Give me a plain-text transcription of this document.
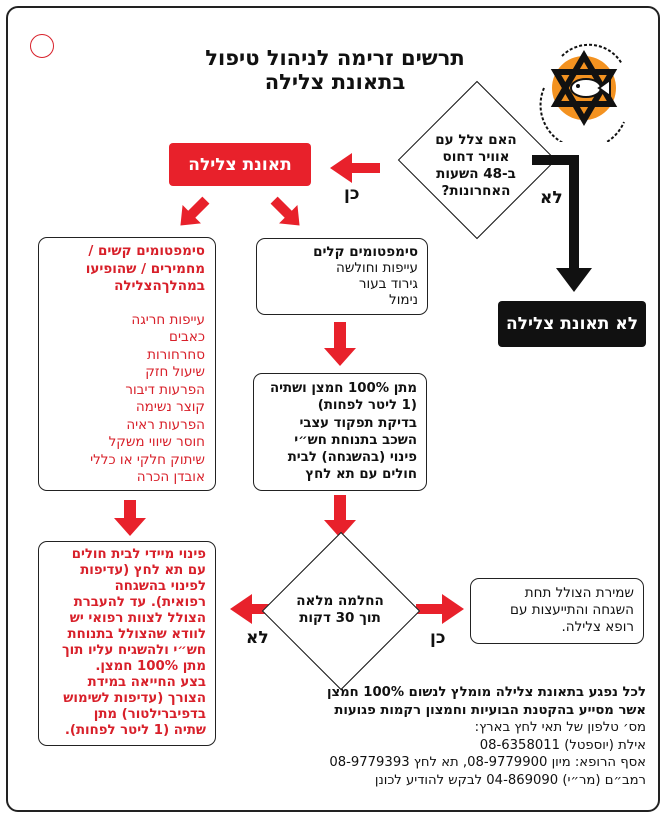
תרשים זרימה לניהול טיפול
בתאונת צלילה
האם צלל עם
אוויר דחוס
ב-48 השעות
האחרונות?
כן	לא
לא	כן
תאונת צלילה
לא תאונת צלילה
סימפטומים קלים
עייפות וחולשה
גירוד בעור
נימול
סימפטומים קשים /
מחמירים / שהופיעו
במהלךהצלילה
עייפות חריגה
כאבים
סחרחורות
שיעול חזק
הפרעות דיבור
קוצר נשימה
הפרעות ראיה
חוסר שיווי משקל
שיתוק חלקי או כללי
אובדן הכרה
מתן 100% חמצן ושתיה
(1 ליטר לפחות)
בדיקת תפקוד עצבי
השכב בתנוחת חש״י
פינוי (בהשגחה) לבית
חולים עם תא לחץ
החלמה מלאה
תוך 30 דקות
פינוי מיידי לבית חולים
עם תא לחץ (עדיפות
לפינוי בהשגחה
רפואית). עד להעברת
הצולל לצוות רפואי יש
לוודא שהצולל בתנוחת
חש״י ולהשגיח עליו תוך
מתן 100% חמצן.
בצע החייאה במידת
הצורך (עדיפות לשימוש
בדפיברילטור) מתן
שתיה (1 ליטר לפחות).
שמירת הצולל תחת
השגחה והתייעצות עם
רופא צלילה.
לכל נפגע בתאונת צלילה מומלץ לנשום 100% חמצן
אשר מסייע בהקטנת הבועיות וחמצון רקמות פגועות
מס׳ טלפון של תאי לחץ בארץ:
אילת (יוספטל) 08-6358011
אסף הרופא: מיון 08-9779900, תא לחץ 08-9779393
רמב״ם (מר״י) 04-869090 לבקש להודיע לכונן
